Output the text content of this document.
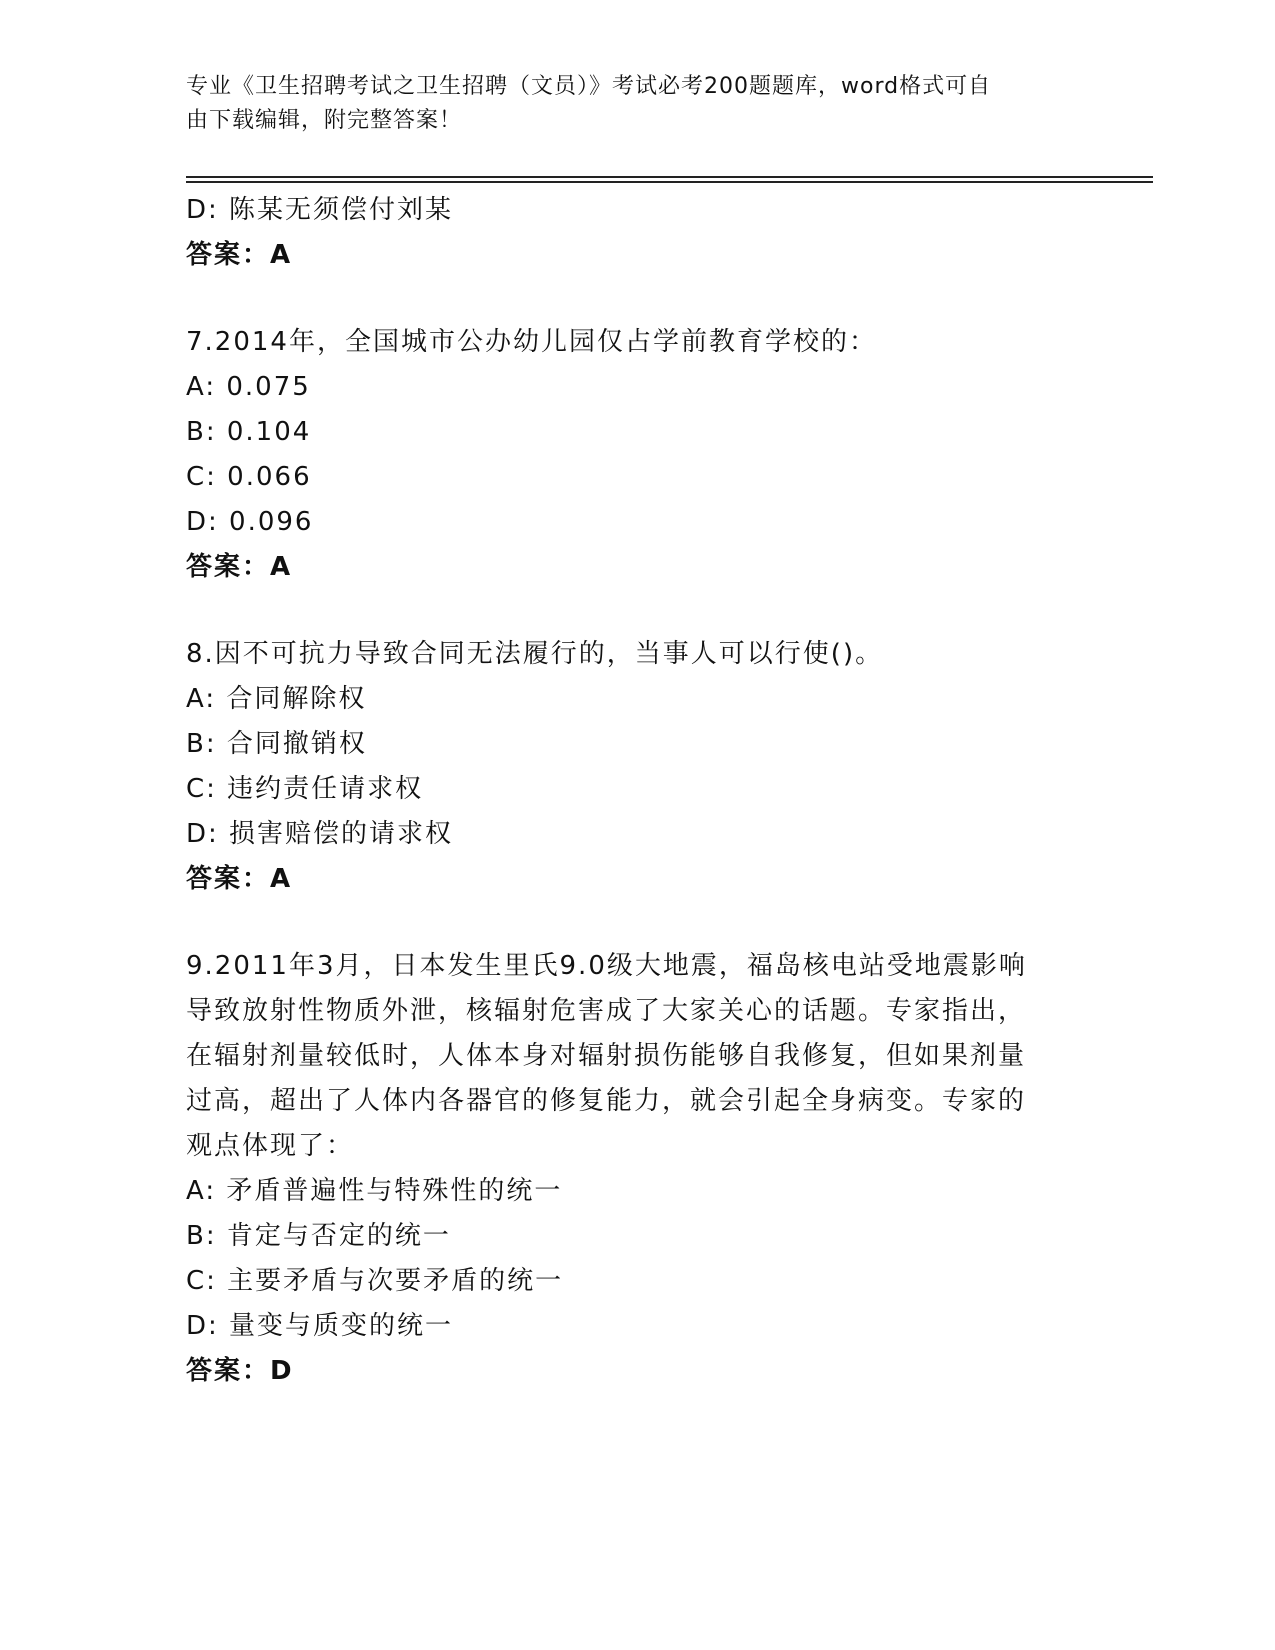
专业《卫生招聘考试之卫生招聘（文员）》考试必考200题题库，word格式可自
由下载编辑，附完整答案！
D: 陈某无须偿付刘某
答案：A
7.2014年，全国城市公办幼儿园仅占学前教育学校的：
A: 0.075
B: 0.104
C: 0.066
D: 0.096
答案：A
8.因不可抗力导致合同无法履行的，当事人可以行使()。
A: 合同解除权
B: 合同撤销权
C: 违约责任请求权
D: 损害赔偿的请求权
答案：A
9.2011年3月，日本发生里氏9.0级大地震，福岛核电站受地震影响
导致放射性物质外泄，核辐射危害成了大家关心的话题。专家指出，
在辐射剂量较低时，人体本身对辐射损伤能够自我修复，但如果剂量
过高，超出了人体内各器官的修复能力，就会引起全身病变。专家的
观点体现了：
A: 矛盾普遍性与特殊性的统一
B: 肯定与否定的统一
C: 主要矛盾与次要矛盾的统一
D: 量变与质变的统一
答案：D
